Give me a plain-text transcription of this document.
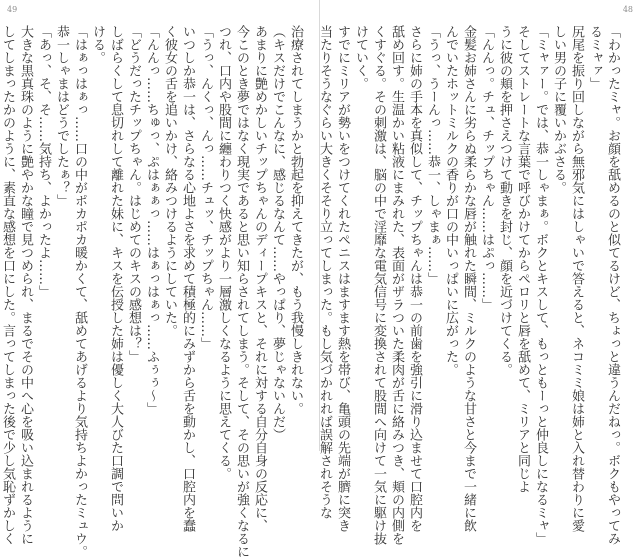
49
治療されてしまうかと勃起を抑えてきたが、もう我慢しきれない。
（キスだけでこんなに、感じるなんて……やっぱり、夢じゃないんだ）
あまりに艶めかしいチップちゃんのディープキスと、それに対する自分自身の反応に、
今このとき夢ではなく現実であると思い知らされてしまう。そして、その思いが強くなるに
つれ、口内や股間に纏わりつく快感がより一層激しくなるように思えてくる。
「うっ、んくっ、んっ……チュッ、チップちゃん……」
いつしか恭一は、さらなる心地よさを求めて積極的にみずから舌を動かし、口腔内を蠢
く彼女の舌を追いかけ、絡みつけるようにしていた。
「んんっ……ちゅっ、ぷはぁぁっ……はぁっはぁっ……ふぅぅ～」
「どうだったチップちゃん。はじめてのキスの感想は？」
しばらくして息切れして離れた妹に、キスを伝授した姉は優しく大人びた口調で問いか
ける。
「はぁっはぁっ……口の中がポカポカ暖かくて、舐めてあげるより気持ちよかったミュウ。
恭一しゃまはどうでしたぁ？」
「あっ、そ、そ……気持ち、よかったよ……」
大きな黒真珠のように艶やかな瞳で見つめられ、まるでその中へ心を吸い込まれるように
してしまったかのように、素直な感想を口にした。言ってしまった後で少し気恥ずかしく
48
「わかったミャ。お顔を舐めるのと似てるけど、ちょっと違うんだねっ。ボクもやってみ
るミャァ」
尻尾を振り回しながら無邪気にはしゃいで答えると、ネコミミ娘は姉と入れ替わりに愛
しい男の子に覆いかぶさる。
「ミャァー。では、恭一しゃまぁ。ボクとキスして、もっともーっと仲良しになるミャ」
そしてストレートな言葉で呼びかけてからペロリと唇を舐めて、ミリアと同じよ
うに彼の頬を押さえつけて動きを封じ、顔を近づけてくる。
「んんっ。チュ、チップちゃん……はぷっ……」
金髪お姉さんに劣らぬ柔らかな唇が触れた瞬間、ミルクのような甘さと今まで一緒に飲
んでいたホットミルクの香りが口の中いっぱいに広がった。
「うっ、うーんっ……恭一、しゃまぁ……」
さらに姉の手本を真似して、チップちゃんは恭一の前歯を強引に滑り込ませて口腔内を
舐め回す。生温かい粘液にまみれた、表面がザラついた柔肉が舌に絡みつき、頬の内側を
くすぐる。その刺激は、脳の中で淫靡な電気信号に変換されて股間へ向けて一気に駆け抜
けていく。
すでにミリアが勢いをつけてくれたペニスはますます熱を帯び、亀頭の先端が臍に突き
当たりそうなぐらい大きくそそり立ってしまった。もし気づかれれば誤解されそうな
